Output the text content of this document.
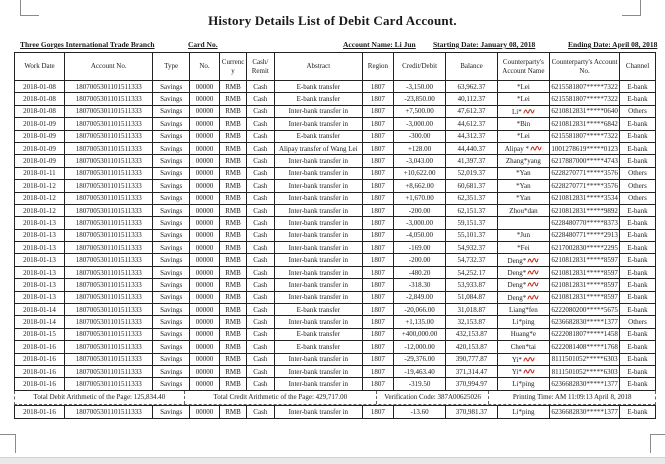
History Details List of Debit Card Account.
Three Gorges International Trade Branch	Card No.	Account Name: Li Jun Starting Date: January 08, 2018	Ending Date: April 08, 2018
Work Date	Account No.	Type	No.	Currency	Cash/ Remit	Abstract	Region	Credit/Debit	Balance	Counterparty's Account Name	Counterparty's Account No.	Channel
2018-01-08	1807005301101511333	Savings	00000	RMB	Cash	E-bank transfer	1807	-3,150.00	63,962.37	*Lei	6215581807*****7322	E-bank
2018-01-08	1807005301101511333	Savings	00000	RMB	Cash	E-bank transfer	1807	-23,850.00	40,112.37	*Lei	6215581807*****7322	E-bank
2018-01-08	1807005301101511333	Savings	00000	RMB	Cash	Inter-bank transfer in	1807	+7,500.00	47,612.37	Li*	6210812831*****0640	Others
2018-01-09	1807005301101511333	Savings	00000	RMB	Cash	Inter-bank transfer in	1807	-3,000.00	44,612.37	*Bin	6210812831*****6842	E-bank
2018-01-09	1807005301101511333	Savings	00000	RMB	Cash	E-bank transfer	1807	-300.00	44,312.37	*Lei	6215581807*****7322	E-bank
2018-01-09	1807005301101511333	Savings	00000	RMB	Cash	Alipay transfer of Wang Lei	1807	+128.00	44,440.37	Alipay *	1001278619*****0123	E-bank
2018-01-09	1807005301101511333	Savings	00000	RMB	Cash	Inter-bank transfer in	1807	-3,043.00	41,397.37	Zhang*yang	6217887000*****4743	E-bank
2018-01-11	1807005301101511333	Savings	00000	RMB	Cash	Inter-bank transfer in	1807	+10,622.00	52,019.37	*Yan	6228270771*****3576	Others
2018-01-12	1807005301101511333	Savings	00000	RMB	Cash	Inter-bank transfer in	1807	+8,662.00	60,681.37	*Yan	6228270771*****3576	Others
2018-01-12	1807005301101511333	Savings	00000	RMB	Cash	Inter-bank transfer in	1807	+1,670.00	62,351.37	*Yan	6210812831*****3534	Others
2018-01-12	1807005301101511333	Savings	00000	RMB	Cash	Inter-bank transfer in	1807	-200.00	62,151.37	Zhou*dan	6210812831*****9892	E-bank
2018-01-13	1807005301101511333	Savings	00000	RMB	Cash	Inter-bank transfer in	1807	-3,000.00	59,151.37		6228480770*****8373	E-bank
2018-01-13	1807005301101511333	Savings	00000	RMB	Cash	Inter-bank transfer in	1807	-4,050.00	55,101.37	*Jun	6228480771*****2913	E-bank
2018-01-13	1807005301101511333	Savings	00000	RMB	Cash	Inter-bank transfer in	1807	-169.00	54,932.37	*Fei	6217002830*****2295	E-bank
2018-01-13	1807005301101511333	Savings	00000	RMB	Cash	Inter-bank transfer in	1807	-200.00	54,732.37	Deng*	6210812831*****8597	E-bank
2018-01-13	1807005301101511333	Savings	00000	RMB	Cash	Inter-bank transfer in	1807	-480.20	54,252.17	Deng*	6210812831*****8597	E-bank
2018-01-13	1807005301101511333	Savings	00000	RMB	Cash	Inter-bank transfer in	1807	-318.30	53,933.87	Deng*	6210812831*****8597	E-bank
2018-01-13	1807005301101511333	Savings	00000	RMB	Cash	Inter-bank transfer in	1807	-2,849.00	51,084.87	Deng*	6210812831*****8597	E-bank
2018-01-14	1807005301101511333	Savings	00000	RMB	Cash	E-bank transfer	1807	-20,066.00	31,018.87	Liang*fen	6222080200*****5675	E-bank
2018-01-14	1807005301101511333	Savings	00000	RMB	Cash	Inter-bank transfer in	1807	+1,135.00	32,153.87	Li*ping	6236682830*****1377	Others
2018-01-15	1807005301101511333	Savings	00000	RMB	Cash	E-bank transfer	1807	+400,000.00	432,153.87	Huang*e	6222081807*****1458	E-bank
2018-01-16	1807005301101511333	Savings	00000	RMB	Cash	E-bank transfer	1807	-12,000.00	420,153.87	Chen*tai	6222081408*****1768	E-bank
2018-01-16	1807005301101511333	Savings	00000	RMB	Cash	Inter-bank transfer in	1807	-29,376.00	390,777.87	Yi*	8111501052*****6303	E-bank
2018-01-16	1807005301101511333	Savings	00000	RMB	Cash	Inter-bank transfer in	1807	-19,463.40	371,314.47	Yi*	8111501052*****6303	E-bank
2018-01-16	1807005301101511333	Savings	00000	RMB	Cash	Inter-bank transfer in	1807	-319.50	370,994.97	Li*ping	6236682830*****1377	E-bank
Total Debit Arithmetic of the Page: 125,834.40	Total Credit Arithmetic of the Page: 429,717.00	Verification Code: 387A00625026	Printing Time: AM 11:09:13 April 8, 2018
2018-01-16	1807005301101511333	Savings	00000	RMB	Cash	Inter-bank transfer in	1807	-13.60	370,981.37	Li*ping	6236682830*****1377	E-bank
